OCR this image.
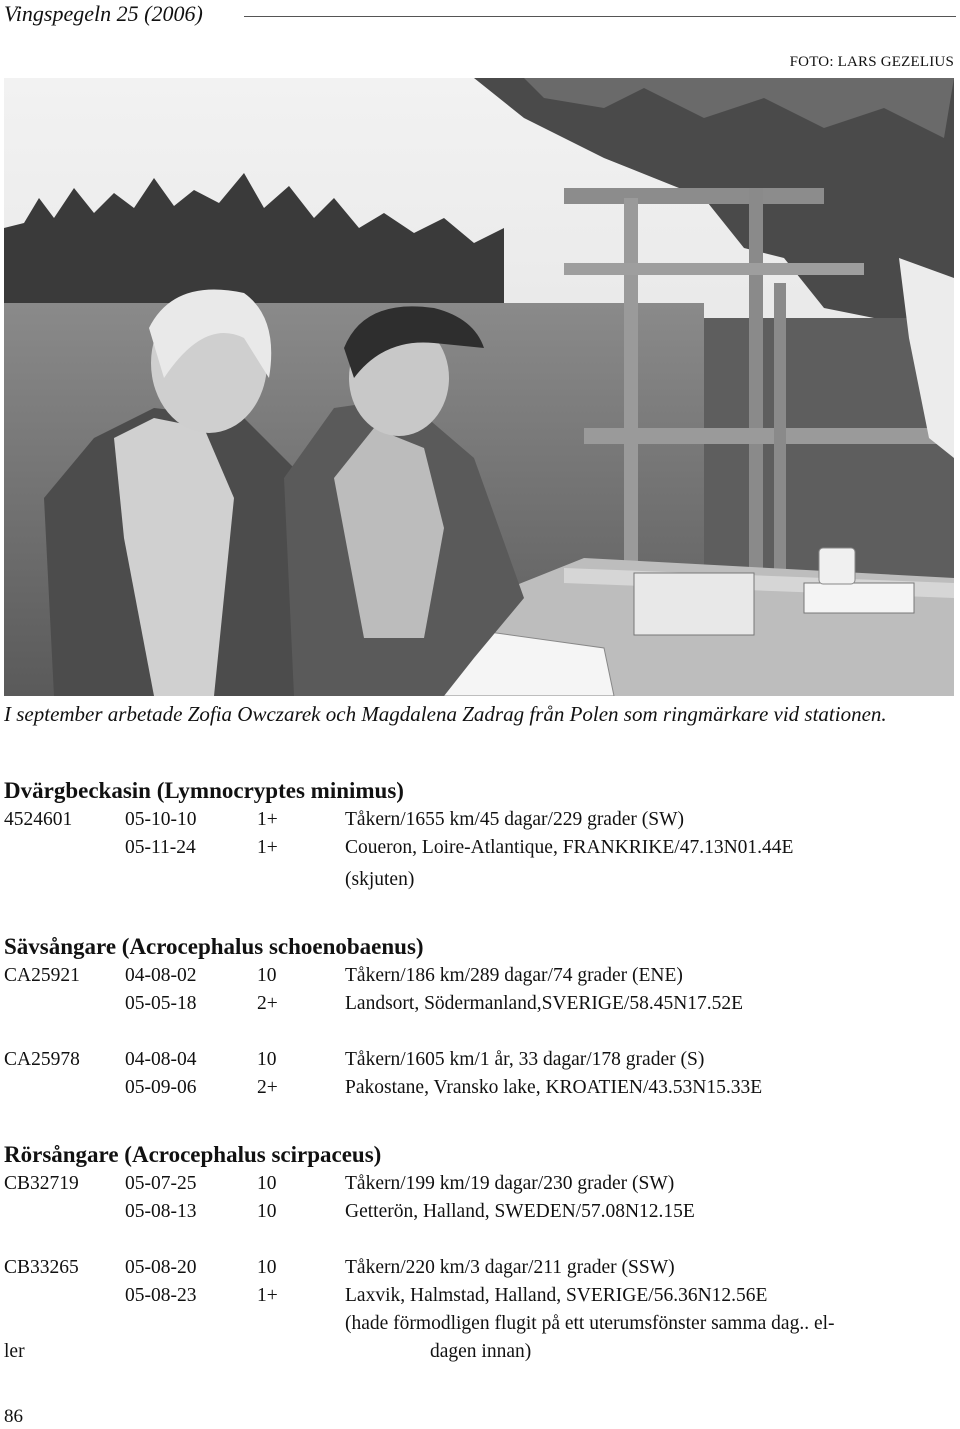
Vingspegeln 25 (2006)
FOTO: LARS GEZELIUS
I september arbetade Zofia Owczarek och Magdalena Zadrag från Polen som ringmärkare vid stationen.
Dvärgbeckasin (Lymnocryptes minimus)
4524601	05-10-10	1+	Tåkern/1655 km/45 dagar/229 grader (SW)
05-11-24	1+	Coueron, Loire-Atlantique, FRANKRIKE/47.13N01.44E
(skjuten)
Sävsångare (Acrocephalus schoenobaenus)
CA25921 04-08-02	10	Tåkern/186 km/289 dagar/74 grader (ENE)
05-05-18	2+	Landsort, Södermanland,SVERIGE/58.45N17.52E
CA25978 04-08-04	10	Tåkern/1605 km/1 år, 33 dagar/178 grader (S)
05-09-06	2+	Pakostane, Vransko lake, KROATIEN/43.53N15.33E
Rörsångare (Acrocephalus scirpaceus)
CB32719 05-07-25	10	Tåkern/199 km/19 dagar/230 grader (SW)
05-08-13	10	Getterön, Halland, SWEDEN/57.08N12.15E
CB33265 05-08-20	10	Tåkern/220 km/3 dagar/211 grader (SSW)
05-08-23	1+	Laxvik, Halmstad, Halland, SVERIGE/56.36N12.56E
(hade förmodligen flugit på ett uterumsfönster samma dag.. el-
ler	dagen innan)
86
